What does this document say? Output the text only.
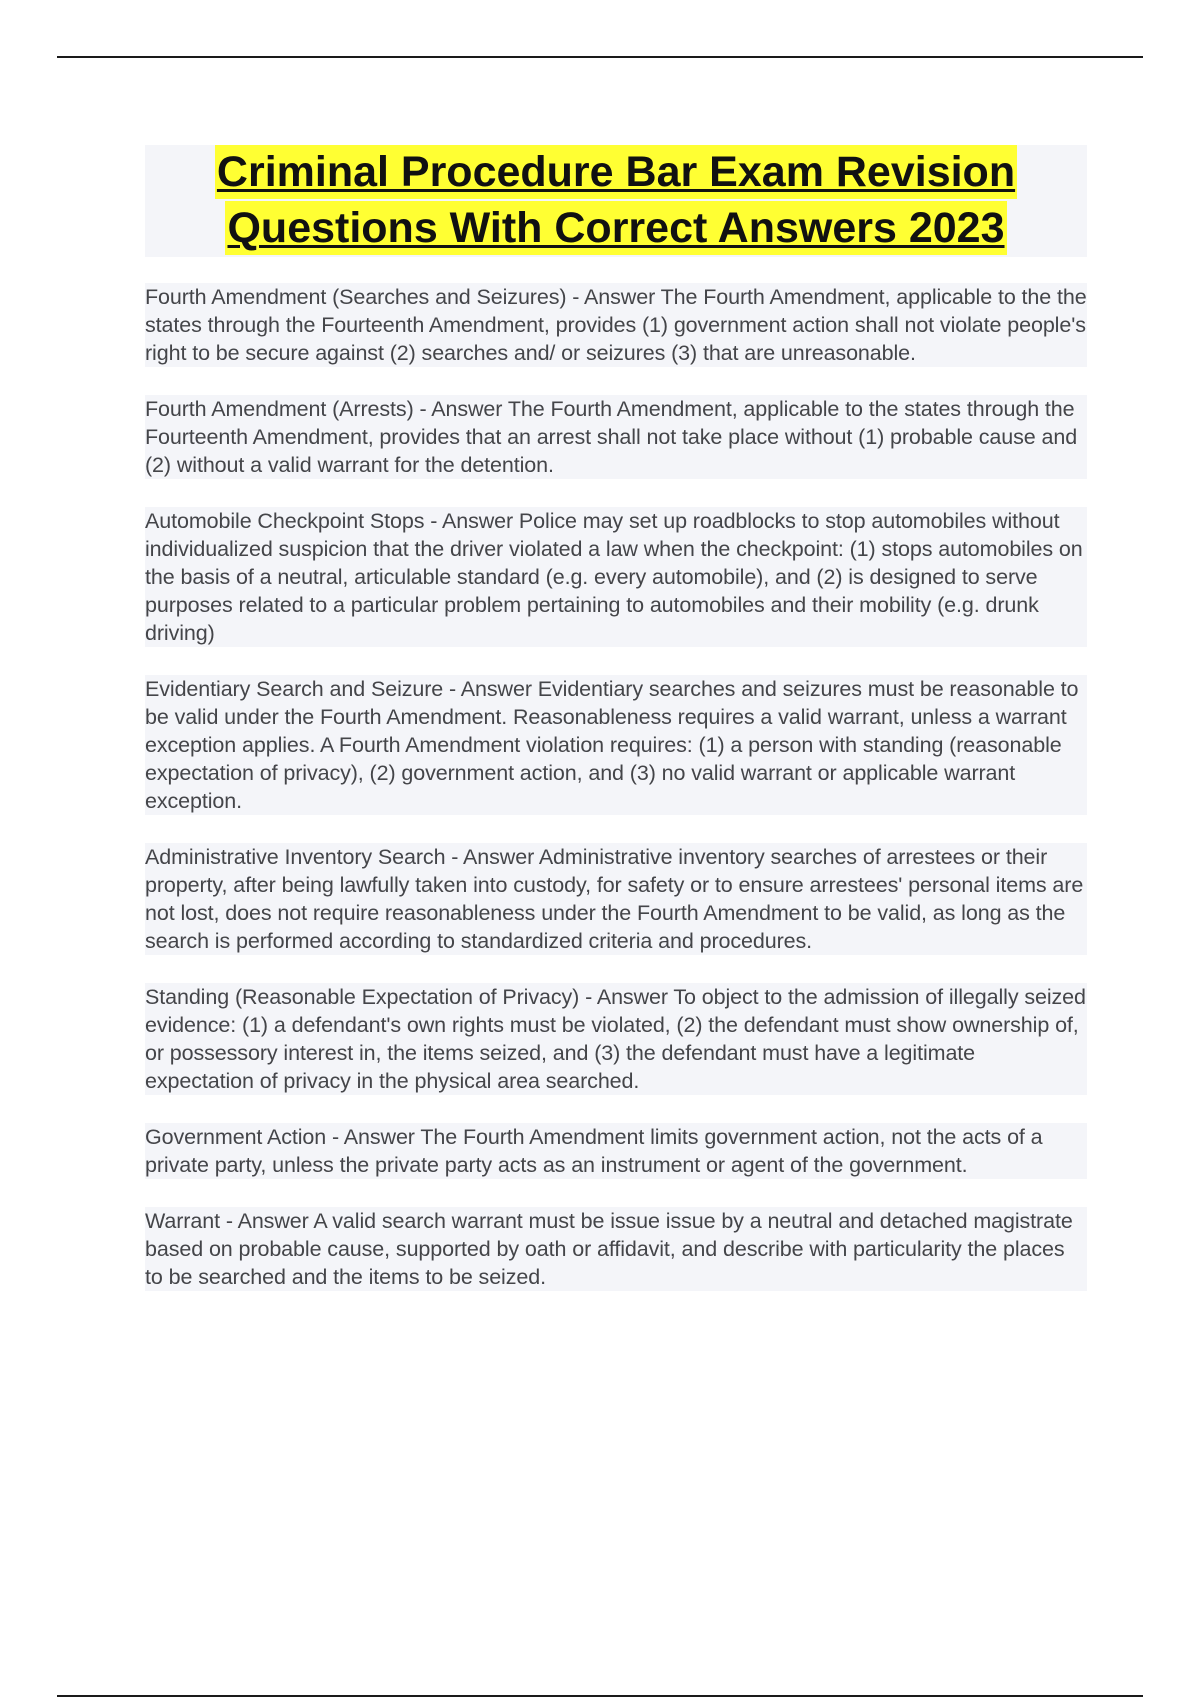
Criminal Procedure Bar Exam Revision
Questions With Correct Answers 2023

Fourth Amendment (Searches and Seizures) - Answer The Fourth Amendment, applicable to the the states through the Fourteenth Amendment, provides (1) government action shall not violate people's right to be secure against (2) searches and/ or seizures (3) that are unreasonable.

Fourth Amendment (Arrests) - Answer The Fourth Amendment, applicable to the states through the Fourteenth Amendment, provides that an arrest shall not take place without (1) probable cause and (2) without a valid warrant for the detention.

Automobile Checkpoint Stops - Answer Police may set up roadblocks to stop automobiles without individualized suspicion that the driver violated a law when the checkpoint: (1) stops automobiles on the basis of a neutral, articulable standard (e.g. every automobile), and (2) is designed to serve purposes related to a particular problem pertaining to automobiles and their mobility (e.g. drunk driving)

Evidentiary Search and Seizure - Answer Evidentiary searches and seizures must be reasonable to be valid under the Fourth Amendment. Reasonableness requires a valid warrant, unless a warrant exception applies. A Fourth Amendment violation requires: (1) a person with standing (reasonable expectation of privacy), (2) government action, and (3) no valid warrant or applicable warrant exception.

Administrative Inventory Search - Answer Administrative inventory searches of arrestees or their property, after being lawfully taken into custody, for safety or to ensure arrestees' personal items are not lost, does not require reasonableness under the Fourth Amendment to be valid, as long as the search is performed according to standardized criteria and procedures.

Standing (Reasonable Expectation of Privacy) - Answer To object to the admission of illegally seized evidence: (1) a defendant's own rights must be violated, (2) the defendant must show ownership of, or possessory interest in, the items seized, and (3) the defendant must have a legitimate expectation of privacy in the physical area searched.

Government Action - Answer The Fourth Amendment limits government action, not the acts of a private party, unless the private party acts as an instrument or agent of the government.

Warrant - Answer A valid search warrant must be issue issue by a neutral and detached magistrate based on probable cause, supported by oath or affidavit, and describe with particularity the places to be searched and the items to be seized.
